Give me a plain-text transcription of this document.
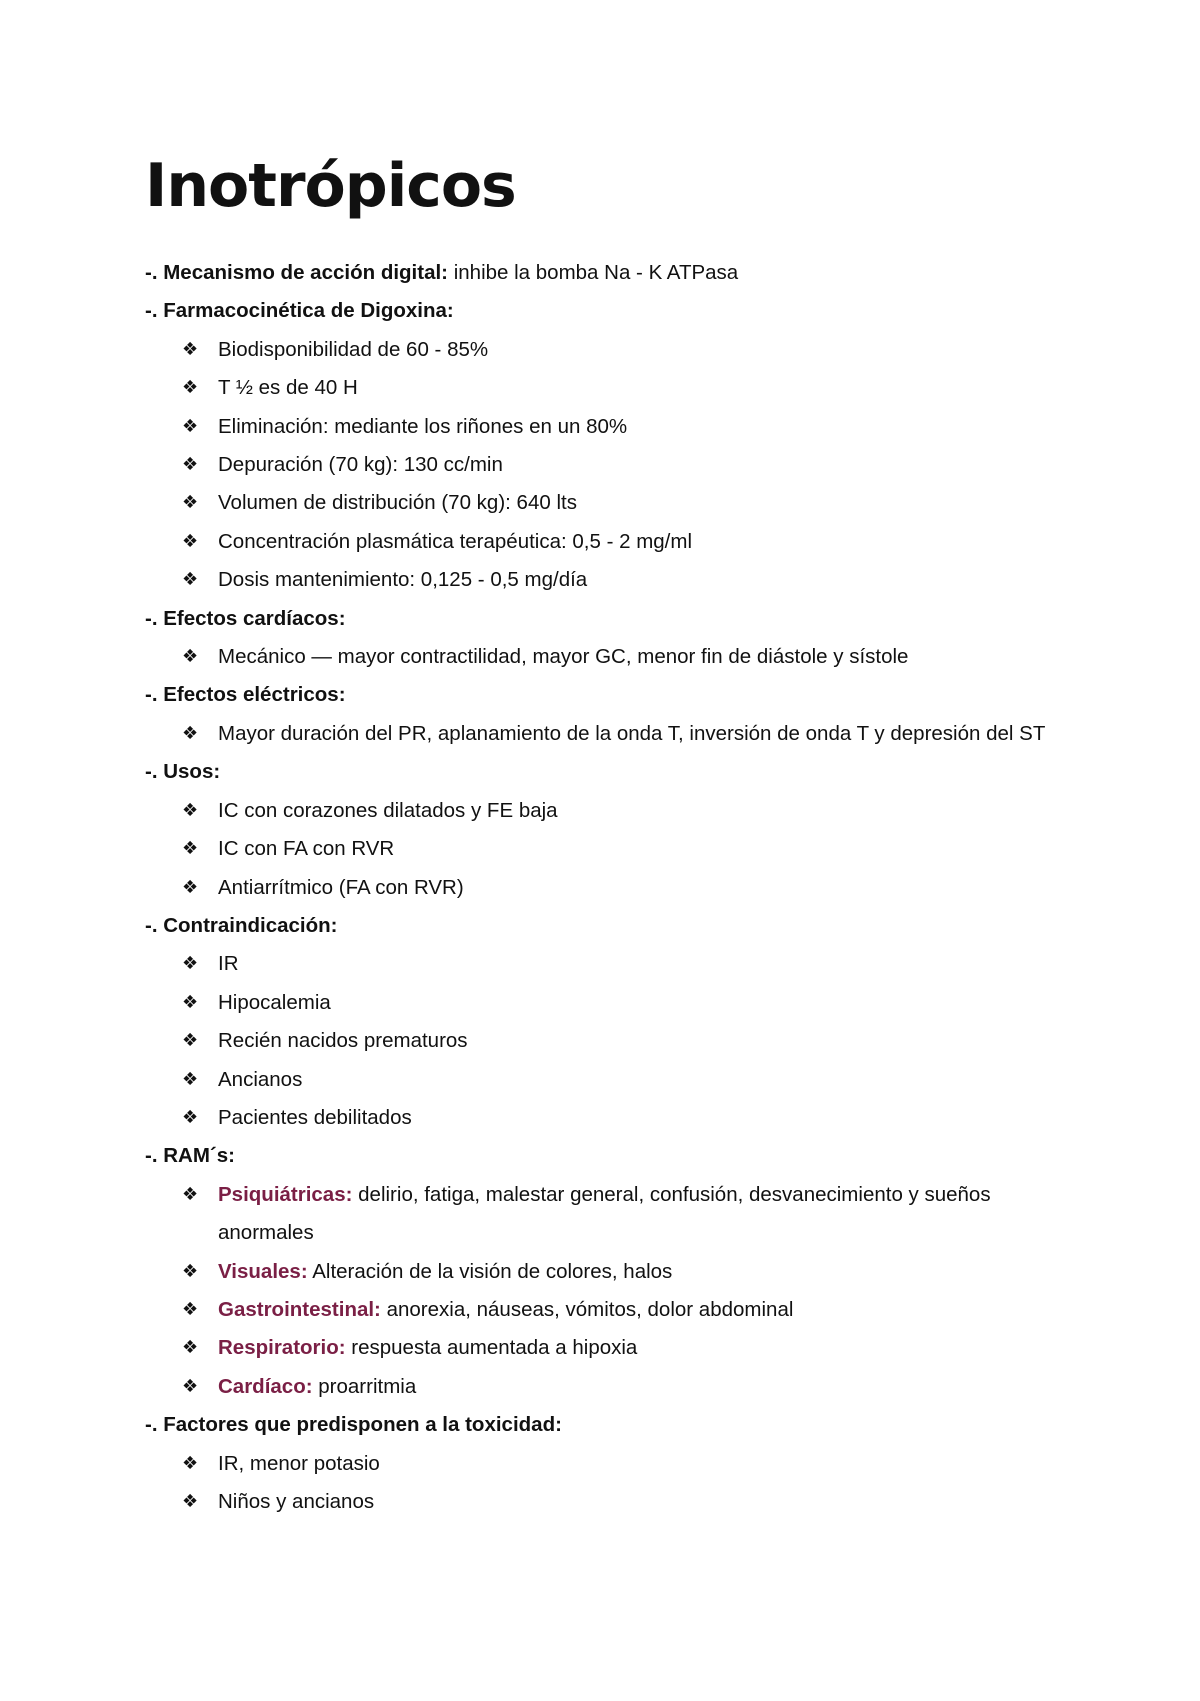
Inotrópicos
-. Mecanismo de acción digital: inhibe la bomba Na - K ATPasa
-. Farmacocinética de Digoxina:
❖ Biodisponibilidad de 60 - 85%
❖ T ½ es de 40 H
❖ Eliminación: mediante los riñones en un 80%
❖ Depuración (70 kg): 130 cc/min
❖ Volumen de distribución (70 kg): 640 lts
❖ Concentración plasmática terapéutica: 0,5 - 2 mg/ml
❖ Dosis mantenimiento: 0,125 - 0,5 mg/día
-. Efectos cardíacos:
❖ Mecánico — mayor contractilidad, mayor GC, menor fin de diástole y sístole
-. Efectos eléctricos:
❖ Mayor duración del PR, aplanamiento de la onda T, inversión de onda T y depresión del ST
-. Usos:
❖ IC con corazones dilatados y FE baja
❖ IC con FA con RVR
❖ Antiarrítmico (FA con RVR)
-. Contraindicación:
❖ IR
❖ Hipocalemia
❖ Recién nacidos prematuros
❖ Ancianos
❖ Pacientes debilitados
-. RAM´s:
❖ Psiquiátricas: delirio, fatiga, malestar general, confusión, desvanecimiento y sueños anormales
❖ Visuales: Alteración de la visión de colores, halos
❖ Gastrointestinal: anorexia, náuseas, vómitos, dolor abdominal
❖ Respiratorio: respuesta aumentada a hipoxia
❖ Cardíaco: proarritmia
-. Factores que predisponen a la toxicidad:
❖ IR, menor potasio
❖ Niños y ancianos
